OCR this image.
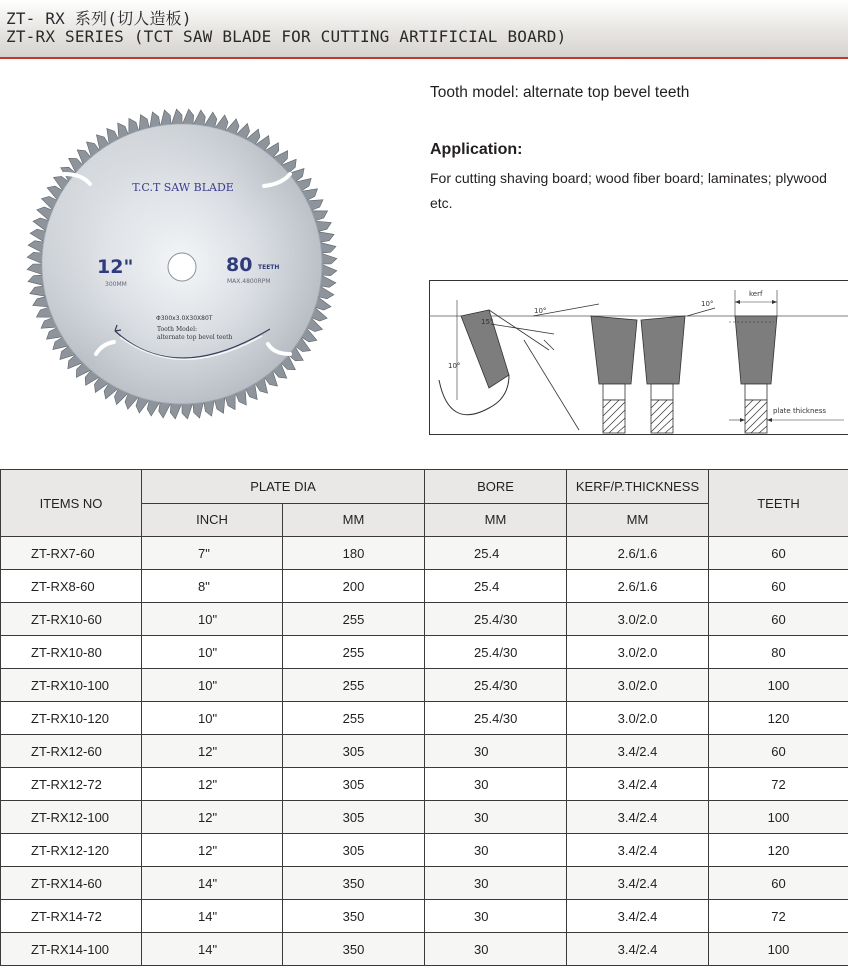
ZT- RX 系列(切人造板)
ZT-RX SERIES (TCT SAW BLADE FOR CUTTING ARTIFICIAL BOARD)
T.C.T SAW BLADE
12"
300MM
80 TEETH
MAX.4800RPM
Φ300x3.0X30X80T
Tooth Model:
alternate top bevel teeth
Tooth model: alternate top bevel teeth
Application:
For cutting shaving board; wood fiber board; laminates; plywood
etc.
15°
10°
10°
10°
kerf
plate thickness
ITEMS NO	PLATE DIA		BORE	KERF/P.THICKNESS	TEETH
	INCH	MM	MM	MM	
ZT-RX7-60	7"	180	25.4	2.6/1.6	60
ZT-RX8-60	8"	200	25.4	2.6/1.6	60
ZT-RX10-60	10"	255	25.4/30	3.0/2.0	60
ZT-RX10-80	10"	255	25.4/30	3.0/2.0	80
ZT-RX10-100	10"	255	25.4/30	3.0/2.0	100
ZT-RX10-120	10"	255	25.4/30	3.0/2.0	120
ZT-RX12-60	12"	305	30	3.4/2.4	60
ZT-RX12-72	12"	305	30	3.4/2.4	72
ZT-RX12-100	12"	305	30	3.4/2.4	100
ZT-RX12-120	12"	305	30	3.4/2.4	120
ZT-RX14-60	14"	350	30	3.4/2.4	60
ZT-RX14-72	14"	350	30	3.4/2.4	72
ZT-RX14-100	14"	350	30	3.4/2.4	100
